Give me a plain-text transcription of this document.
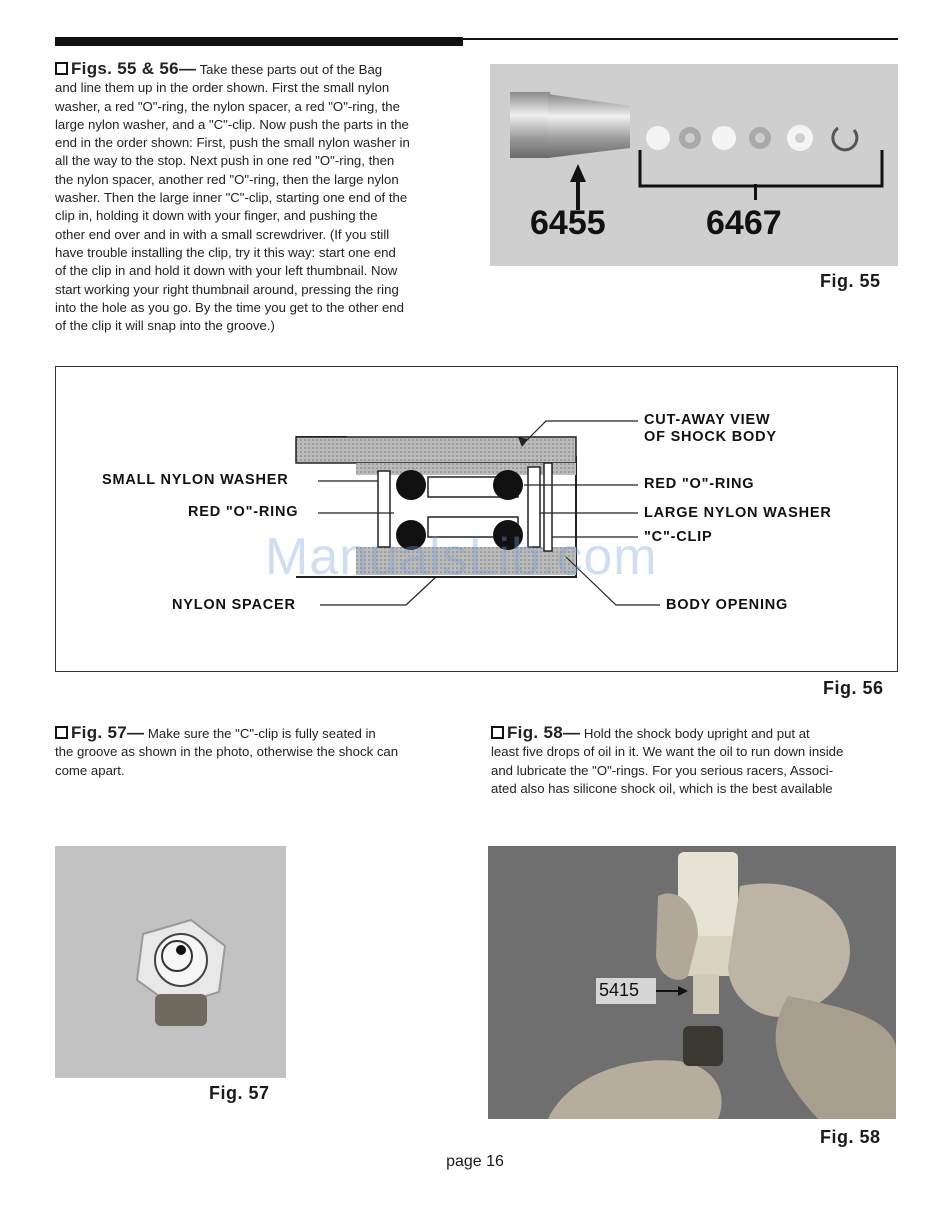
Figs. 55 & 56— Take these parts out of the Bag
and line them up in the order shown. First the small nylon
washer, a red "O"-ring, the nylon spacer, a red "O"-ring, the
large nylon washer, and a "C"-clip. Now push the parts in the
end in the order shown: First, push the small nylon washer in
all the way to the stop. Next push in one red "O"-ring, then
the nylon spacer, another red "O"-ring, then the large nylon
washer. Then the large inner "C"-clip, starting one end of the
clip in, holding it down with your finger, and pushing the
other end over and in with a small screwdriver. (If you still
have trouble installing the clip, try it this way: start one end
of the clip in and hold it down with your left thumbnail. Now
start working your right thumbnail around, pressing the ring
into the hole as you go. By the time you get to the other end
of the clip it will snap into the groove.)
6455	6467
Fig. 55
CUT-AWAY VIEW
OF SHOCK BODY
SMALL NYLON WASHER
RED "O"-RING
NYLON SPACER
RED "O"-RING
LARGE NYLON WASHER
"C"-CLIP
BODY OPENING
Fig. 56
Fig. 57— Make sure the "C"-clip is fully seated in
the groove as shown in the photo, otherwise the shock can
come apart.
Fig. 58— Hold the shock body upright and put at
least five drops of oil in it. We want the oil to run down inside
and lubricate the "O"-rings. For you serious racers, Associ-
ated also has silicone shock oil, which is the best available
Fig. 57
5415
Fig. 58
ManualsLib.com
page 16
